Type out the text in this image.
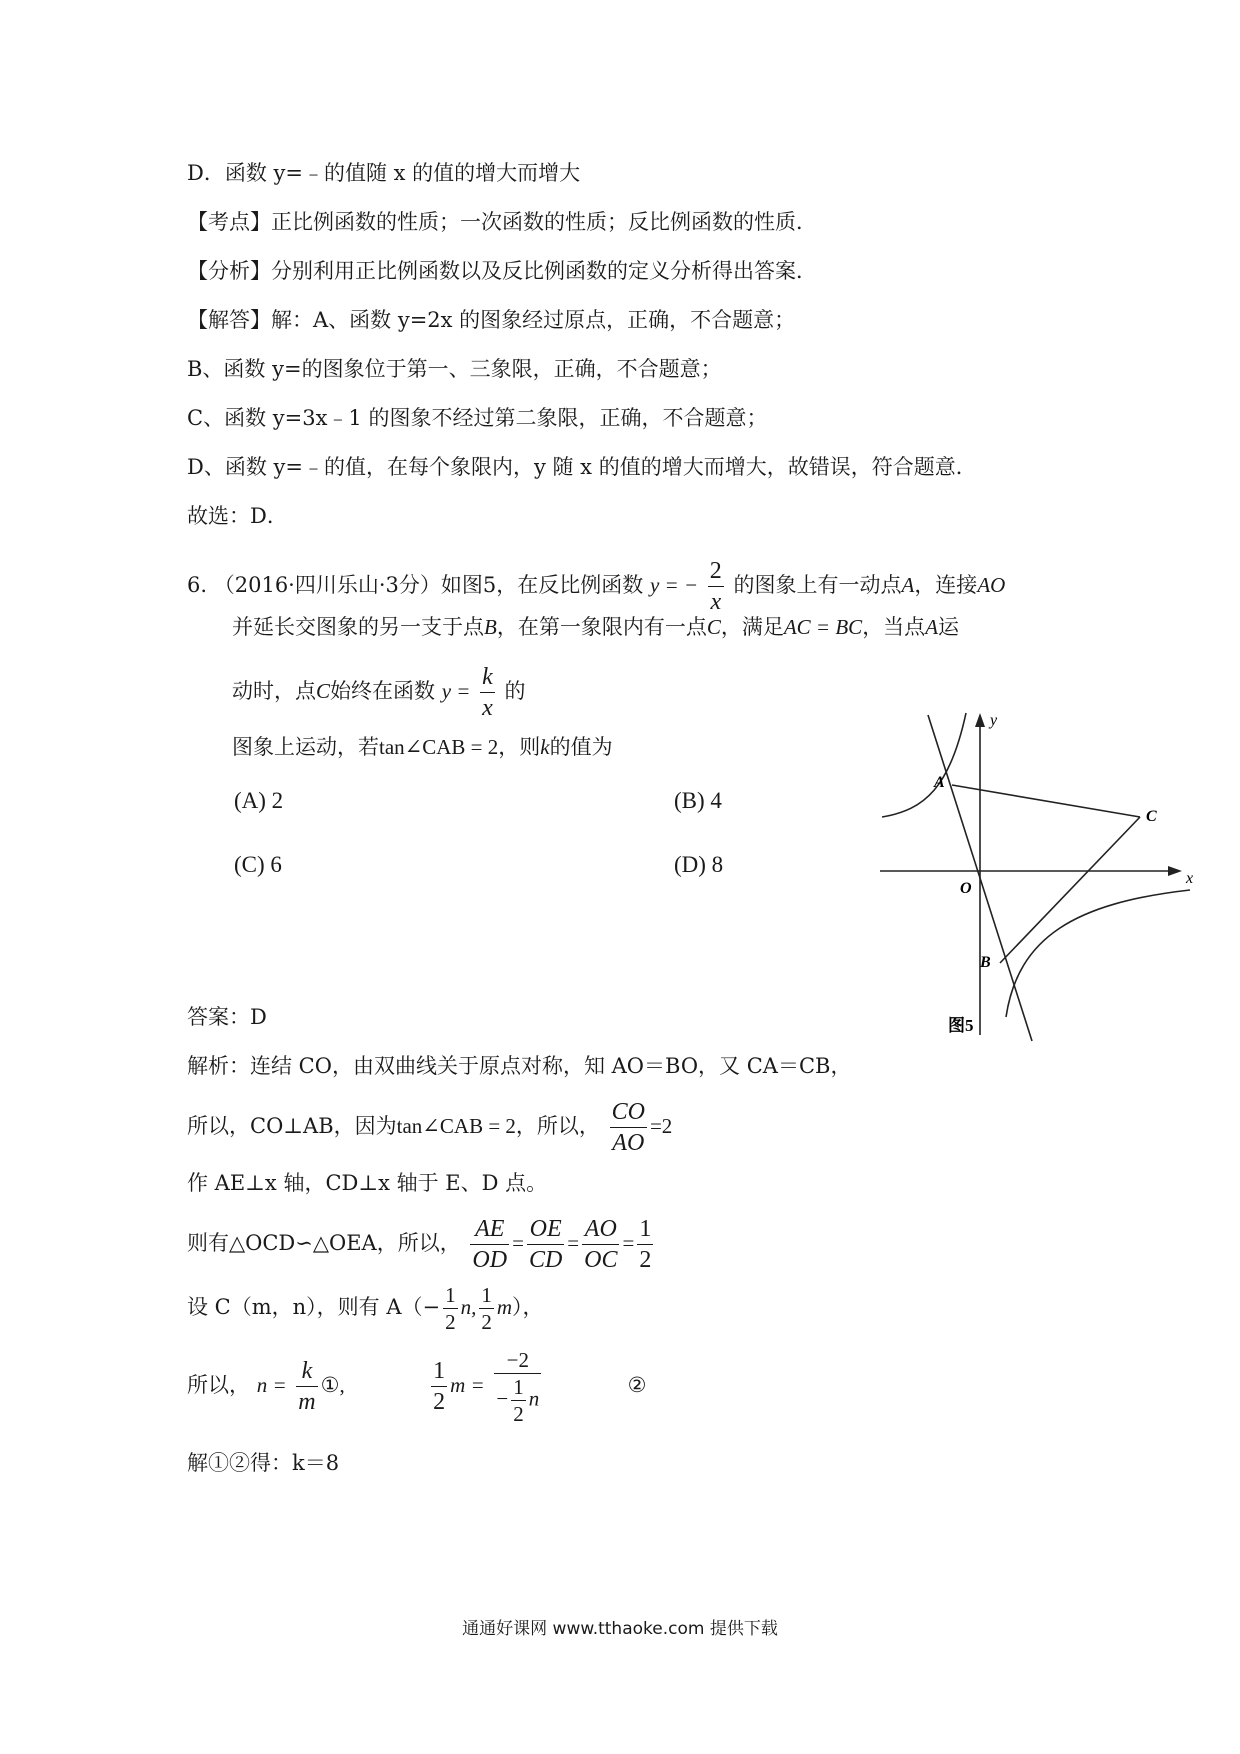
D．函数 y=﹣的值随 x 的值的增大而增大
【考点】正比例函数的性质；一次函数的性质；反比例函数的性质．
【分析】分别利用正比例函数以及反比例函数的定义分析得出答案．
【解答】解：A、函数 y=2x 的图象经过原点，正确，不合题意；
B、函数 y=的图象位于第一、三象限，正确，不合题意；
C、函数 y=3x﹣1 的图象不经过第二象限，正确，不合题意；
D、函数 y=﹣的值，在每个象限内，y 随 x 的值的增大而增大，故错误，符合题意．
故选：D．
6. （2016·四川乐山·3分）如图5，在反比例函数 y = − $\frac{2}{x}$ 的图象上有一动点A，连接AO
并延长交图象的另一支于点B，在第一象限内有一点C，满足AC = BC，当点A运
动时，点C始终在函数 $y = \frac{k}{x}$ 的
图象上运动，若tan∠CAB = 2，则k的值为
(A) 2	(B) 4
(C) 6	(D) 8
y
x
O
A
B
C
图5
答案：D
解析：连结 CO，由双曲线关于原点对称，知 AO＝BO，又 CA＝CB，
所以，CO⊥AB，因为tan∠CAB = 2，所以， $\frac{CO}{AO} =2$
作 AE⊥x 轴，CD⊥x 轴于 E、D 点。
则有△OCD∽△OEA，所以， $\frac{AE}{OD} = \frac{OE}{CD} = \frac{AO}{OC} = \frac{1}{2}$
设 C（m，n），则有 $A(- \frac{1}{2} n$, $\frac{1}{2} m$），
所以， $n = \frac{k}{m}$ ①,	$\frac{1}{2}$ $m = \frac{-2}{- \frac{1}{2} n}$	②
解①②得：k＝8
通通好课网 www.tthaoke.com 提供下载
